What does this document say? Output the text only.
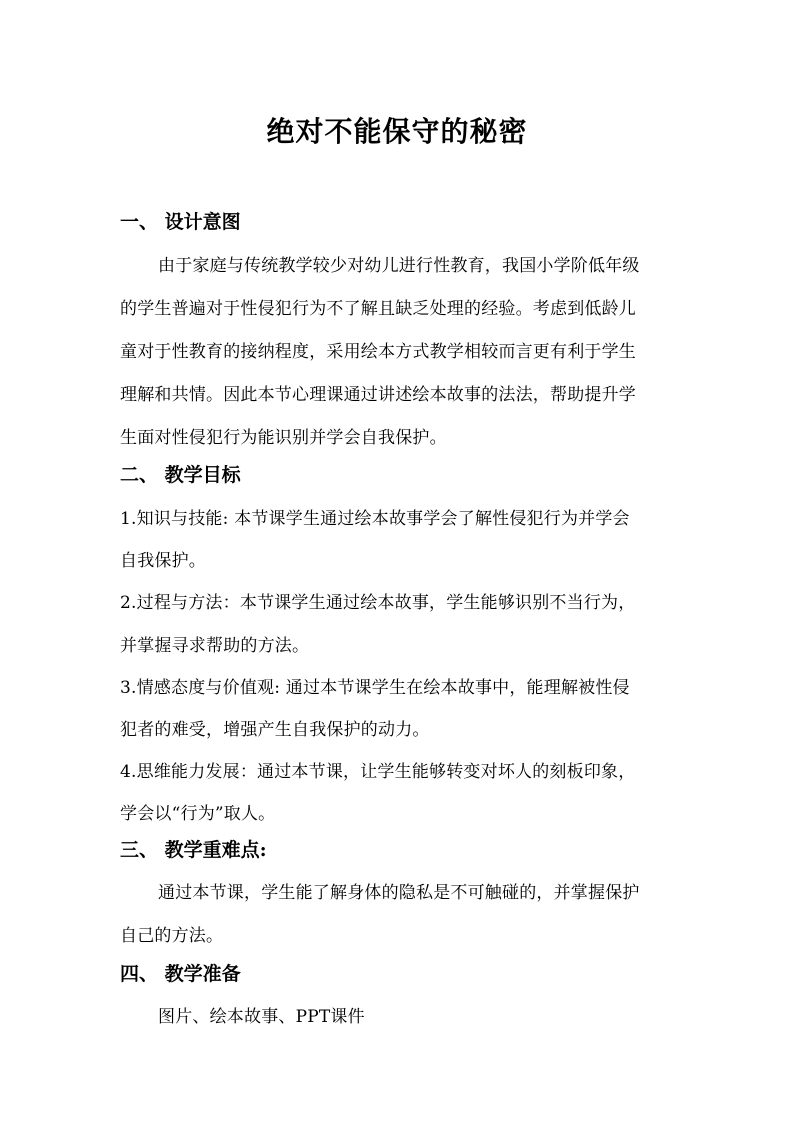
绝对不能保守的秘密
一、 设计意图
由于家庭与传统教学较少对幼儿进行性教育，我国小学阶低年级
的学生普遍对于性侵犯行为不了解且缺乏处理的经验。考虑到低龄儿
童对于性教育的接纳程度，采用绘本方式教学相较而言更有利于学生
理解和共情。因此本节心理课通过讲述绘本故事的法法，帮助提升学
生面对性侵犯行为能识别并学会自我保护。
二、 教学目标
1.知识与技能: 本节课学生通过绘本故事学会了解性侵犯行为并学会
自我保护。
2.过程与方法：本节课学生通过绘本故事，学生能够识别不当行为，
并掌握寻求帮助的方法。
3.情感态度与价值观: 通过本节课学生在绘本故事中，能理解被性侵
犯者的难受，增强产生自我保护的动力。
4.思维能力发展：通过本节课，让学生能够转变对坏人的刻板印象，
学会以“行为”取人。
三、 教学重难点:
通过本节课，学生能了解身体的隐私是不可触碰的，并掌握保护
自己的方法。
四、 教学准备
图片、绘本故事、PPT课件
